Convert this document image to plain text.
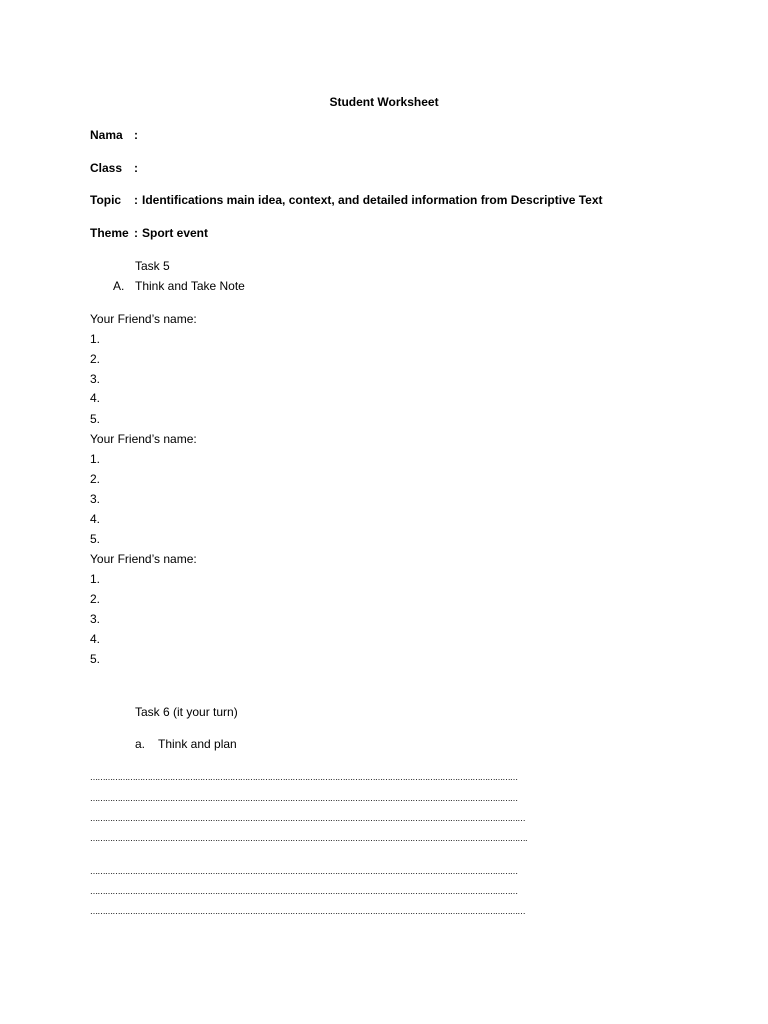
Student Worksheet
Nama :
Class :
Topic : Identifications main idea, context, and detailed information from Descriptive Text
Theme : Sport event
Task 5
A. Think and Take Note
Your Friend’s name:
1.
2.
3.
4.
5.
Your Friend’s name:
1.
2.
3.
4.
5.
Your Friend’s name:
1.
2.
3.
4.
5.
Task 6 (it your turn)
a. Think and plan
………………………………………………………………………………………………………………………………………………………
………………………………………………………………………………………………………………………………………………………
…………………………………………………………………………………………………………………………………………………………
………………………………………………………………………………………………………………………………………………………….
………………………………………………………………………………………………………………………………………………………
………………………………………………………………………………………………………………………………………………………
…………………………………………………………………………………………………………………………………………………………
